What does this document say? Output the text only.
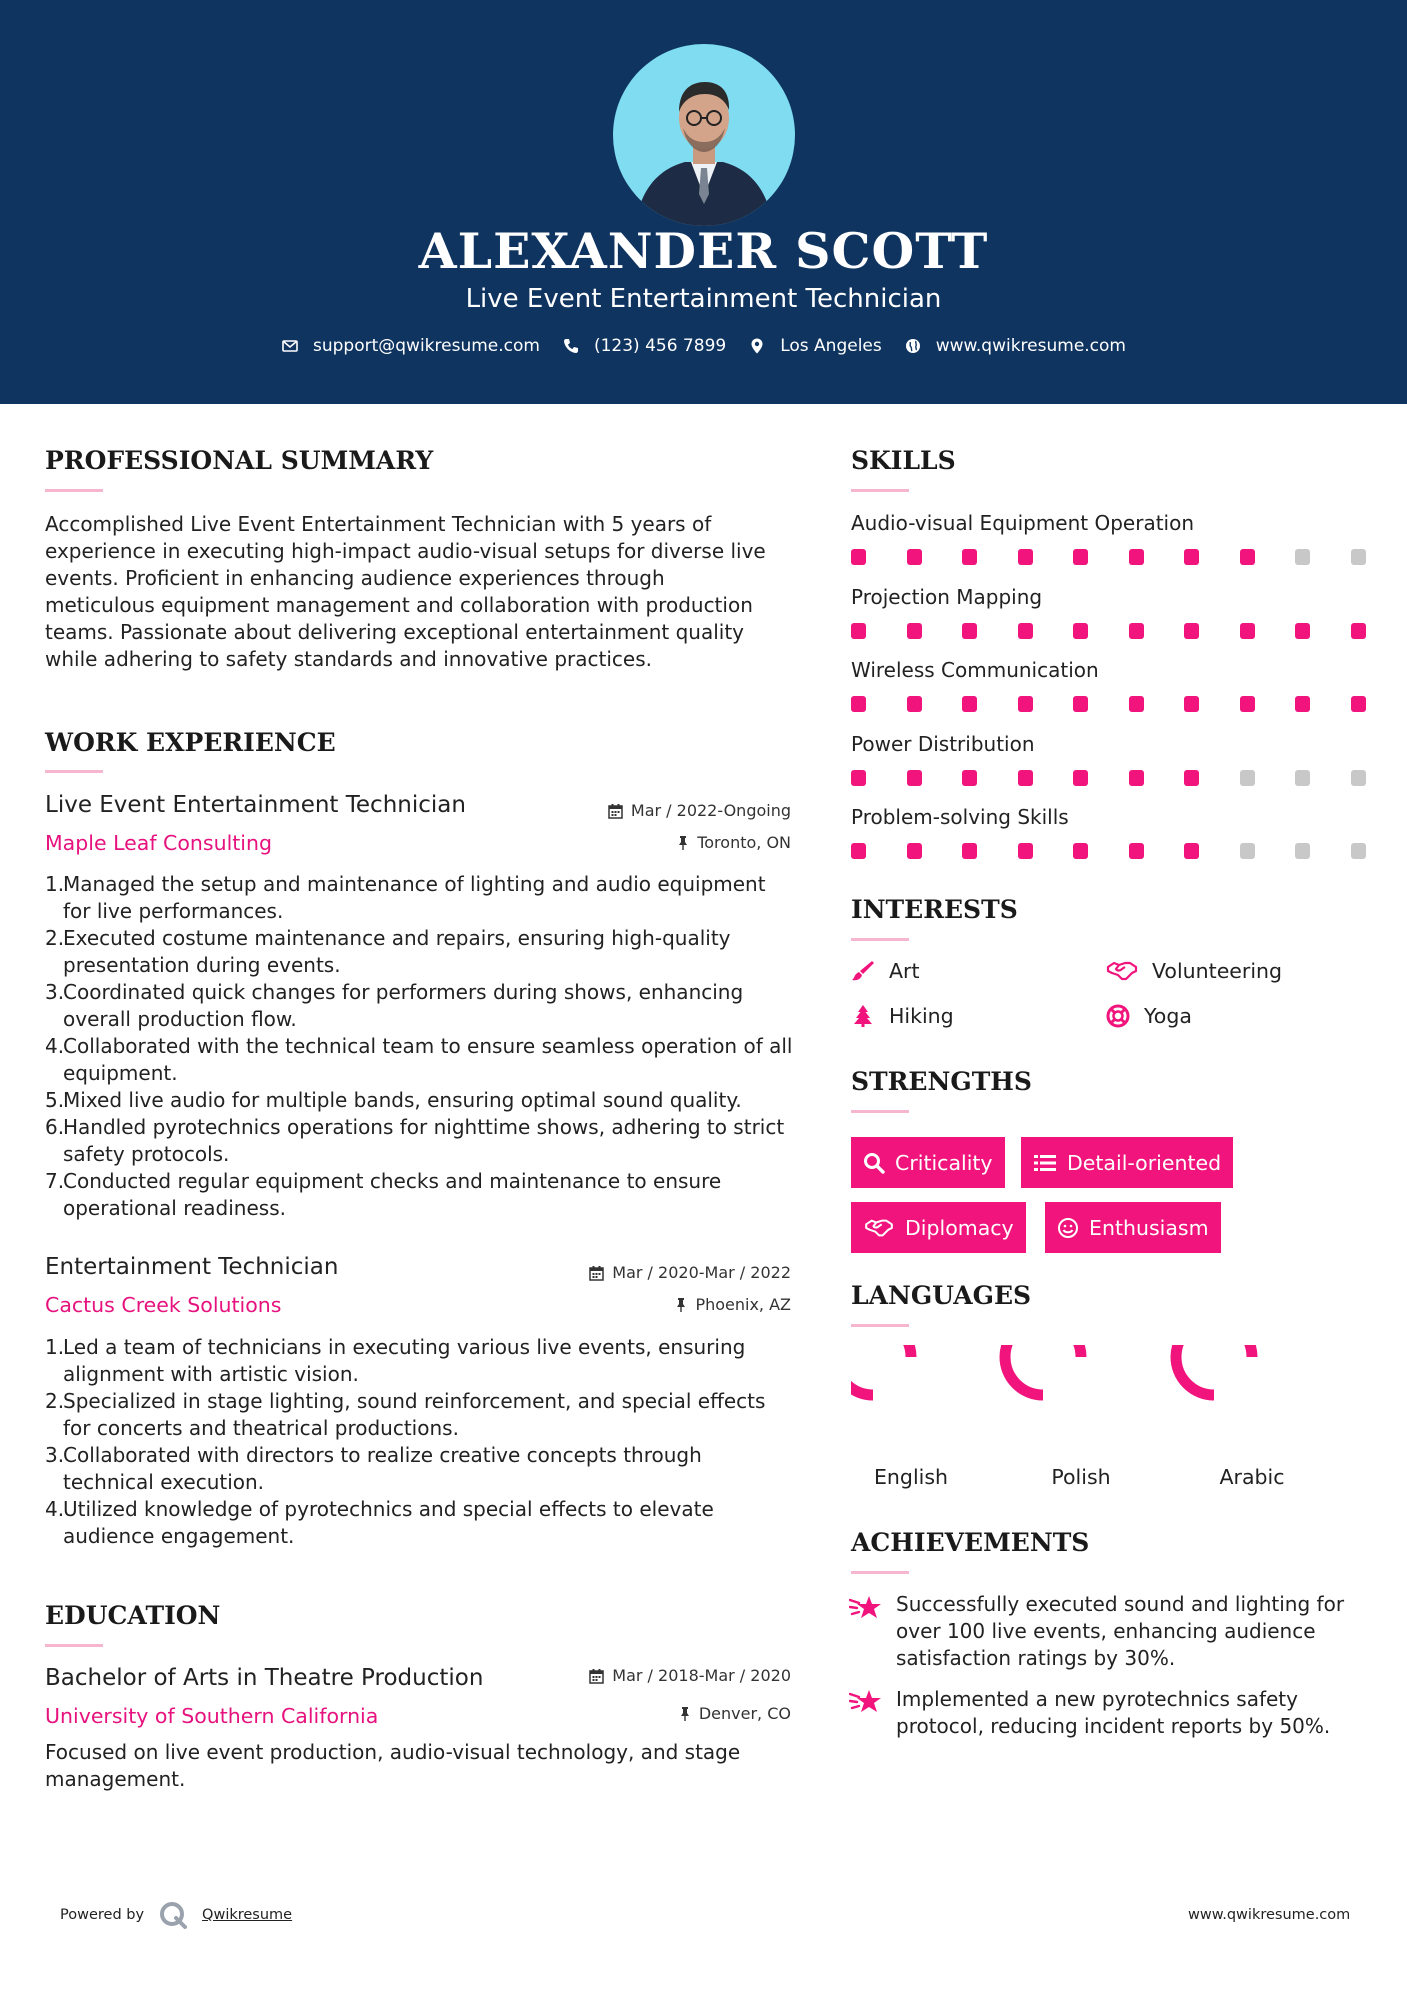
ALEXANDER SCOTT
Live Event Entertainment Technician
support@qwikresume.com	(123) 456 7899	Los Angeles	www.qwikresume.com
PROFESSIONAL SUMMARY
Accomplished Live Event Entertainment Technician with 5 years of experience in executing high-impact audio-visual setups for diverse live events. Proficient in enhancing audience experiences through meticulous equipment management and collaboration with production teams. Passionate about delivering exceptional entertainment quality while adhering to safety standards and innovative practices.
WORK EXPERIENCE
Live Event Entertainment Technician
Maple Leaf Consulting
Mar / 2022-Ongoing
Toronto, ON
1.
Managed the setup and maintenance of lighting and audio equipment for live performances.
2.
Executed costume maintenance and repairs, ensuring high-quality presentation during events.
3.
Coordinated quick changes for performers during shows, enhancing overall production flow.
4.
Collaborated with the technical team to ensure seamless operation of all equipment.
5.
Mixed live audio for multiple bands, ensuring optimal sound quality.
6.
Handled pyrotechnics operations for nighttime shows, adhering to strict safety protocols.
7.
Conducted regular equipment checks and maintenance to ensure operational readiness.
Entertainment Technician
Cactus Creek Solutions
Mar / 2020-Mar / 2022
Phoenix, AZ
1.
Led a team of technicians in executing various live events, ensuring alignment with artistic vision.
2.
Specialized in stage lighting, sound reinforcement, and special effects for concerts and theatrical productions.
3.
Collaborated with directors to realize creative concepts through technical execution.
4.
Utilized knowledge of pyrotechnics and special effects to elevate audience engagement.
EDUCATION
Bachelor of Arts in Theatre Production
University of Southern California
Mar / 2018-Mar / 2020
Denver, CO
Focused on live event production, audio-visual technology, and stage management.
SKILLS
Audio-visual Equipment Operation
Projection Mapping
Wireless Communication
Power Distribution
Problem-solving Skills
INTERESTS
Art	Volunteering
Hiking	Yoga
STRENGTHS
Criticality	Detail-oriented
Diplomacy	Enthusiasm
LANGUAGES
English	Polish	Arabic
ACHIEVEMENTS
Successfully executed sound and lighting for over 100 live events, enhancing audience satisfaction ratings by 30%.
Implemented a new pyrotechnics safety protocol, reducing incident reports by 50%.
Powered by	Qwikresume	www.qwikresume.com
